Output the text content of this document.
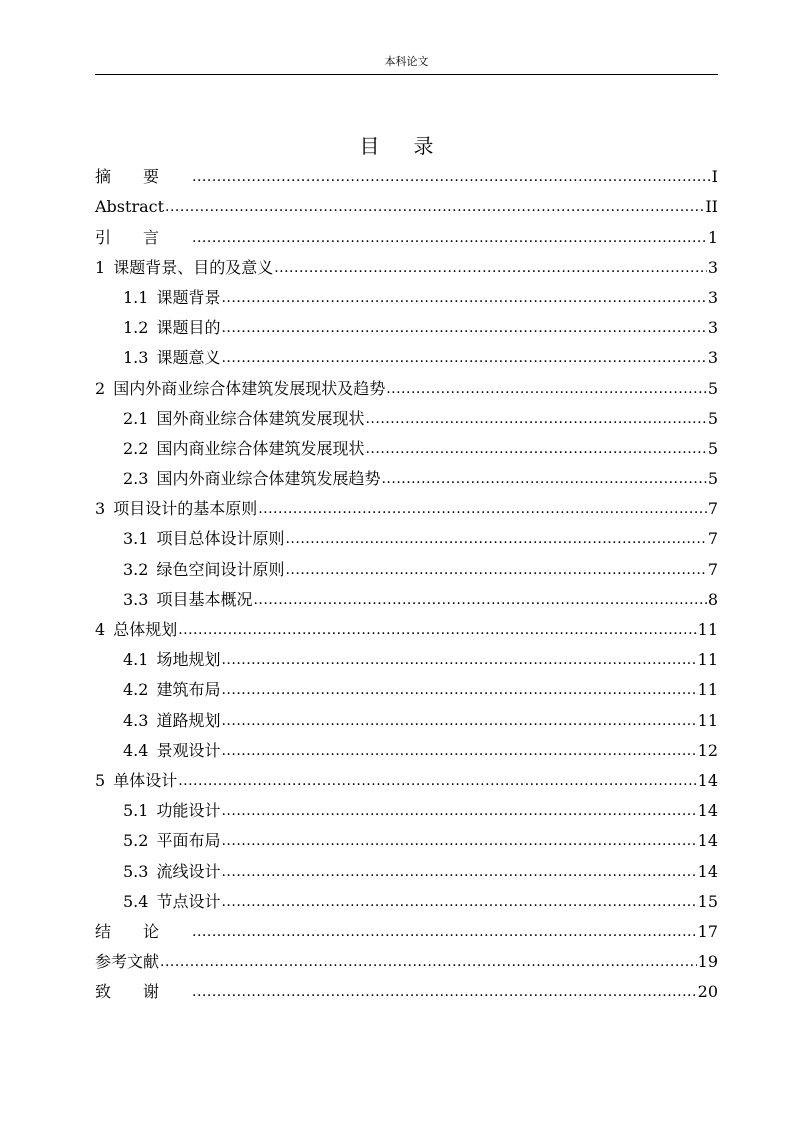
本科论文
目录
摘要 .....	I
Abstract .....	II
引言 .....	1
1 课题背景、目的及意义 .....	3
1.1 课题背景 .....	3
1.2 课题目的 .....	3
1.3 课题意义 .....	3
2 国内外商业综合体建筑发展现状及趋势 .....	5
2.1 国外商业综合体建筑发展现状 .....	5
2.2 国内商业综合体建筑发展现状 .....	5
2.3 国内外商业综合体建筑发展趋势 .....	5
3 项目设计的基本原则 .....	7
3.1 项目总体设计原则 .....	7
3.2 绿色空间设计原则 .....	7
3.3 项目基本概况 .....	8
4 总体规划 .....	11
4.1 场地规划 .....	11
4.2 建筑布局 .....	11
4.3 道路规划 .....	11
4.4 景观设计 .....	12
5 单体设计 .....	14
5.1 功能设计 .....	14
5.2 平面布局 .....	14
5.3 流线设计 .....	14
5.4 节点设计 .....	15
结论 .....	17
参考文献 .....	19
致谢 .....	20
